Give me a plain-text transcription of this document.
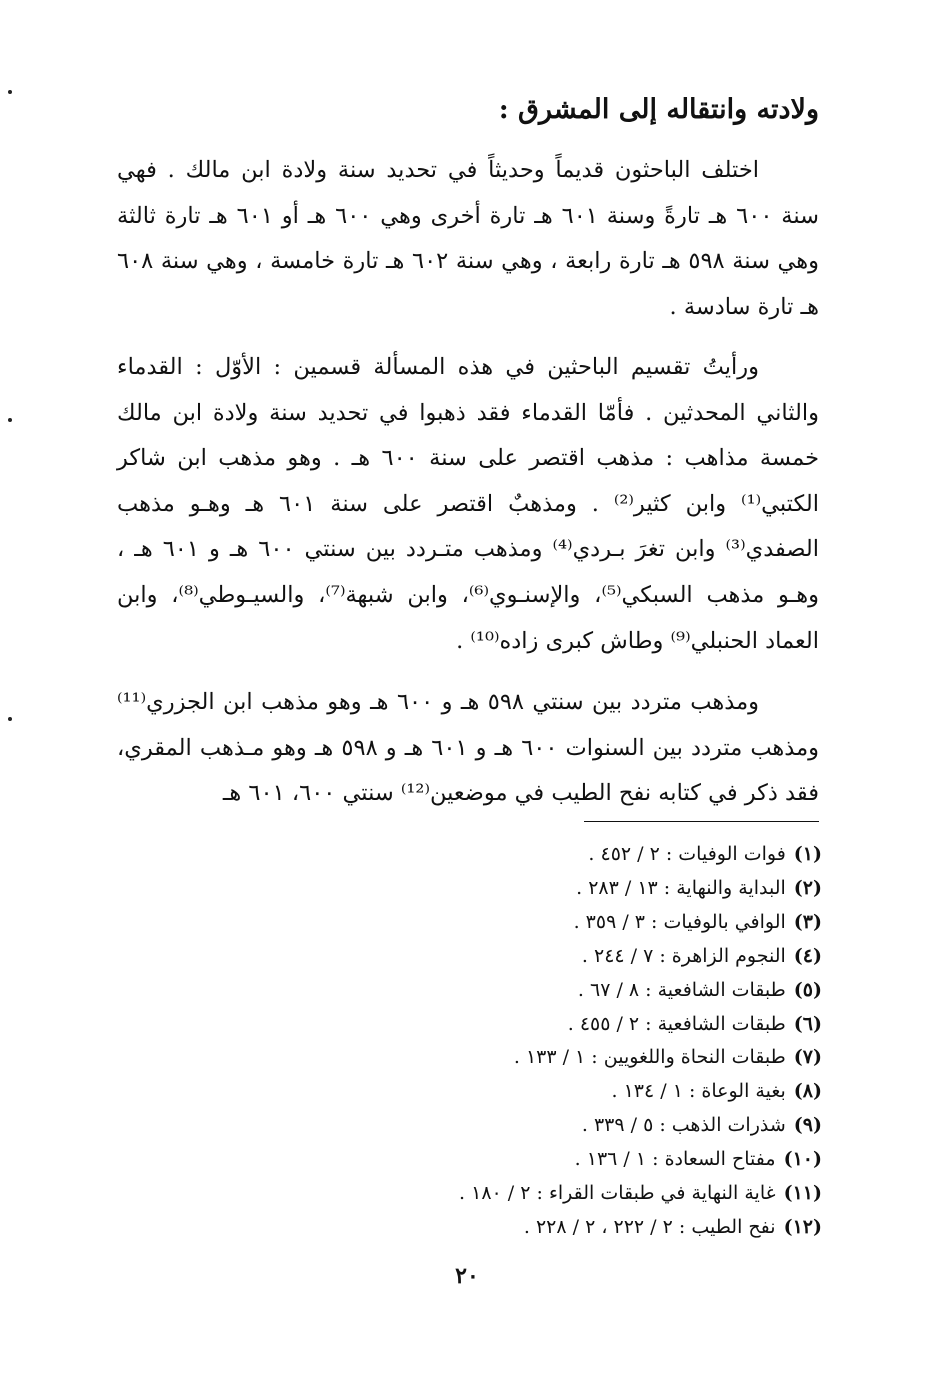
ولادته وانتقاله إلى المشرق :

اختلف الباحثون قديماً وحديثاً في تحديد سنة ولادة ابن مالك . فهي سنة ٦٠٠ هـ تارةً وسنة ٦٠١ هـ تارة أخرى وهي ٦٠٠ هـ أو ٦٠١ هـ تارة ثالثة وهي سنة ٥٩٨ هـ تارة رابعة ، وهي سنة ٦٠٢ هـ تارة خامسة ، وهي سنة ٦٠٨ هـ تارة سادسة .

ورأيتُ تقسيم الباحثين في هذه المسألة قسمين : الأوّل : القدماء والثاني المحدثين . فأمّا القدماء فقد ذهبوا في تحديد سنة ولادة ابن مالك خمسة مذاهب : مذهب اقتصر على سنة ٦٠٠ هـ . وهو مذهب ابن شاكر الكتبي⁽¹⁾ وابن كثير⁽²⁾ . ومذهبٌ اقتصر على سنة ٦٠١ هـ وهـو مذهب الصفدي⁽³⁾ وابن تغرَ بـردي⁽⁴⁾ ومذهب متـردد بين سنتي ٦٠٠ هـ و ٦٠١ هـ ، وهـو مذهب السبكي⁽⁵⁾، والإسنـوي⁽⁶⁾، وابن شبهة⁽⁷⁾، والسيـوطي⁽⁸⁾، وابن العماد الحنبلي⁽⁹⁾ وطاش كبرى زاده⁽¹⁰⁾ .

ومذهب متردد بين سنتي ٥٩٨ هـ و ٦٠٠ هـ وهو مذهب ابن الجزري⁽¹¹⁾ ومذهب متردد بين السنوات ٦٠٠ هـ و ٦٠١ هـ و ٥٩٨ هـ وهو مـذهب المقري، فقد ذكر في كتابه نفح الطيب في موضعين⁽¹²⁾ سنتي ٦٠٠، ٦٠١ هـ

(١)فوات الوفيات : ٢ / ٤٥٢ .
(٢)البداية والنهاية : ١٣ / ٢٨٣ .
(٣)الوافي بالوفيات : ٣ / ٣٥٩ .
(٤)النجوم الزاهرة : ٧ / ٢٤٤ .
(٥)طبقات الشافعية : ٨ / ٦٧ .
(٦)طبقات الشافعية : ٢ / ٤٥٥ .
(٧)طبقات النحاة واللغويين : ١ / ١٣٣ .
(٨)بغية الوعاة : ١ / ١٣٤ .
(٩)شذرات الذهب : ٥ / ٣٣٩ .
(١٠)مفتاح السعادة : ١ / ١٣٦ .
(١١)غاية النهاية في طبقات القراء : ٢ / ١٨٠ .
(١٢)نفح الطيب : ٢ / ٢٢٢ ، ٢ / ٢٢٨ .
٢٠
